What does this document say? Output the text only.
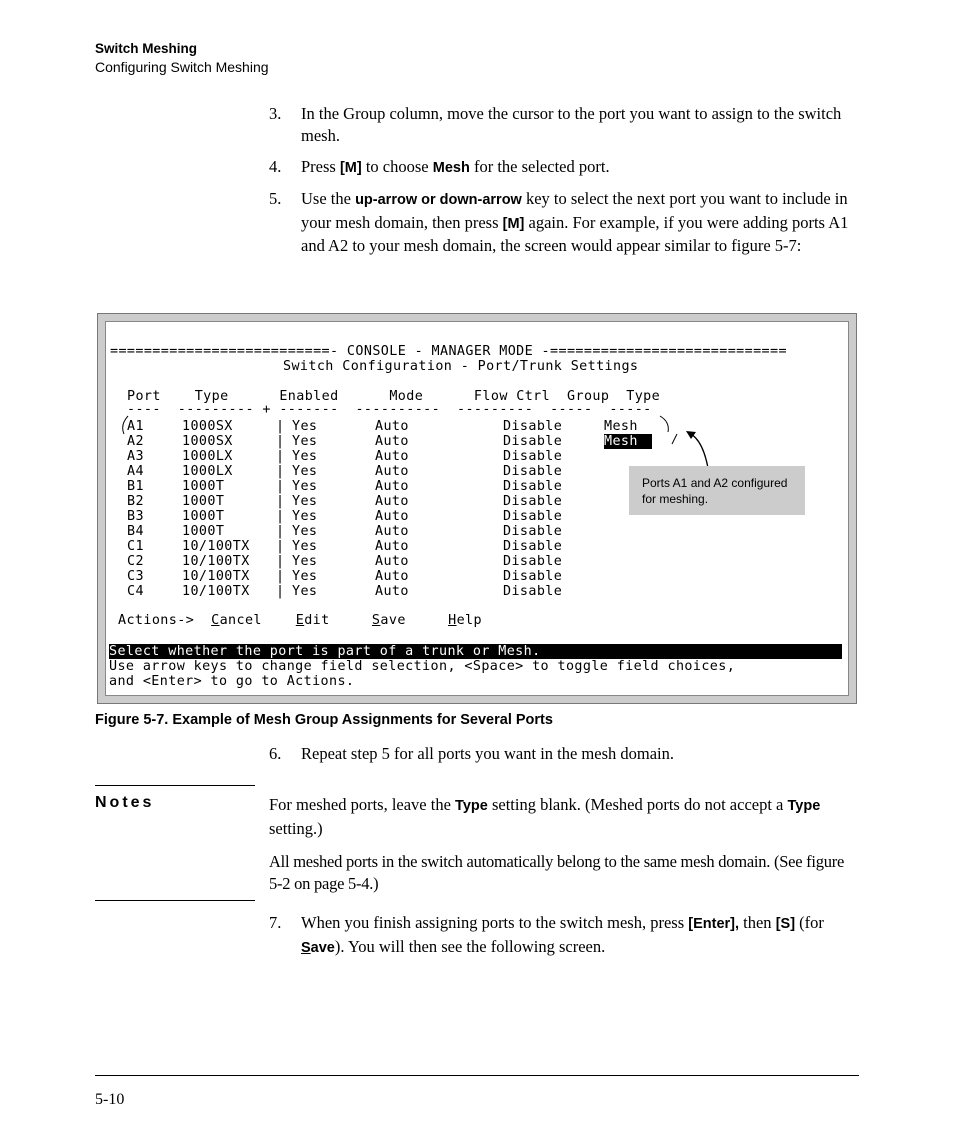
Switch Meshing
Configuring Switch Meshing
3. In the Group column, move the cursor to the port you want to assign to the switch mesh.
4. Press [M] to choose Mesh for the selected port.
5. Use the up-arrow or down-arrow key to select the next port you want to include in your mesh domain, then press [M] again. For example, if you were adding ports A1 and A2 to your mesh domain, the screen would appear similar to figure 5-7:
==========================- CONSOLE - MANAGER MODE -============================
Switch Configuration - Port/Trunk Settings
Port    Type      Enabled      Mode      Flow Ctrl  Group  Type
----  --------- + -------  ----------  ---------  -----  -----
A1	1000SX	| Yes	Auto	Disable	Mesh
A2	1000SX	| Yes	Auto	Disable	Mesh
A3	1000LX	| Yes	Auto	Disable
A4	1000LX	| Yes	Auto	Disable
B1	1000T	| Yes	Auto	Disable
B2	1000T	| Yes	Auto	Disable
B3	1000T	| Yes	Auto	Disable
B4	1000T	| Yes	Auto	Disable
C1	10/100TX | Yes	Auto	Disable
C2	10/100TX | Yes	Auto	Disable
C3	10/100TX | Yes	Auto	Disable
C4	10/100TX | Yes	Auto	Disable
Actions-> Cancel	Edit	Save	Help
Select whether the port is part of a trunk or Mesh.
Use arrow keys to change field selection, <Space> to toggle field choices,
and <Enter> to go to Actions.
Ports A1 and A2 configured
for meshing.
Figure 5-7. Example of Mesh Group Assignments for Several Ports
6. Repeat step 5 for all ports you want in the mesh domain.
Notes	For meshed ports, leave the Type setting blank. (Meshed ports do not accept a Type setting.)
All meshed ports in the switch automatically belong to the same mesh domain. (See figure 5-2 on page 5-4.)
7. When you finish assigning ports to the switch mesh, press [Enter], then [S] (for Save). You will then see the following screen.
5-10
